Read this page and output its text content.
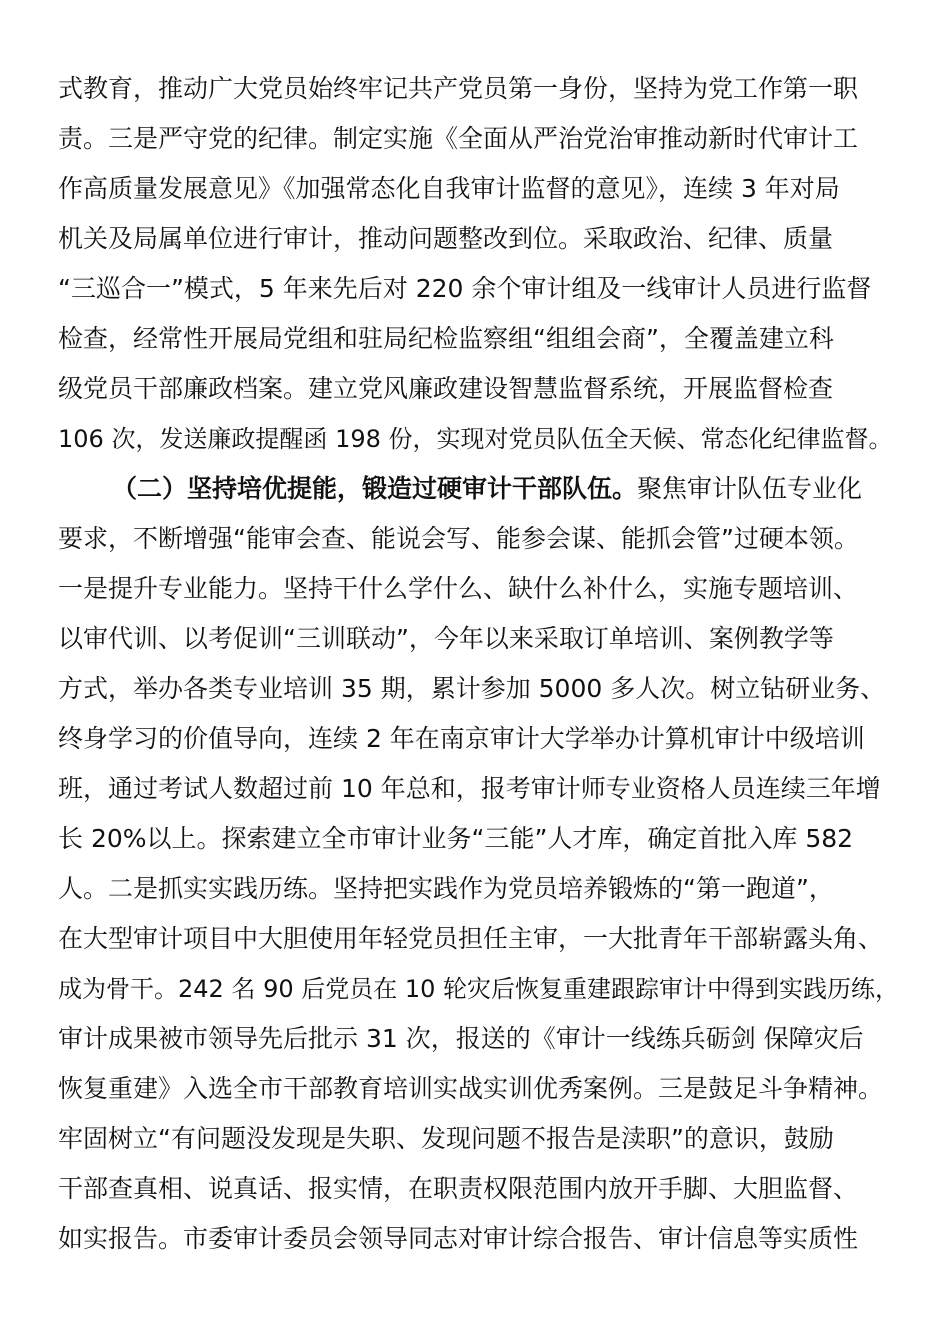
式教育，推动广大党员始终牢记共产党员第一身份，坚持为党工作第一职
责。三是严守党的纪律。制定实施《全面从严治党治审推动新时代审计工
作高质量发展意见》《加强常态化自我审计监督的意见》，连续 3 年对局
机关及局属单位进行审计，推动问题整改到位。采取政治、纪律、质量
“三巡合一”模式，5 年来先后对 220 余个审计组及一线审计人员进行监督
检查，经常性开展局党组和驻局纪检监察组“组组会商”，全覆盖建立科
级党员干部廉政档案。建立党风廉政建设智慧监督系统，开展监督检查
106 次，发送廉政提醒函 198 份，实现对党员队伍全天候、常态化纪律监督。
（二）坚持培优提能，锻造过硬审计干部队伍。聚焦审计队伍专业化
要求，不断增强“能审会查、能说会写、能参会谋、能抓会管”过硬本领。
一是提升专业能力。坚持干什么学什么、缺什么补什么，实施专题培训、
以审代训、以考促训“三训联动”，今年以来采取订单培训、案例教学等
方式，举办各类专业培训 35 期，累计参加 5000 多人次。树立钻研业务、
终身学习的价值导向，连续 2 年在南京审计大学举办计算机审计中级培训
班，通过考试人数超过前 10 年总和，报考审计师专业资格人员连续三年增
长 20%以上。探索建立全市审计业务“三能”人才库，确定首批入库 582
人。二是抓实实践历练。坚持把实践作为党员培养锻炼的“第一跑道”，
在大型审计项目中大胆使用年轻党员担任主审，一大批青年干部崭露头角、
成为骨干。242 名 90 后党员在 10 轮灾后恢复重建跟踪审计中得到实践历练，
审计成果被市领导先后批示 31 次，报送的《审计一线练兵砺剑 保障灾后
恢复重建》入选全市干部教育培训实战实训优秀案例。三是鼓足斗争精神。
牢固树立“有问题没发现是失职、发现问题不报告是渎职”的意识，鼓励
干部查真相、说真话、报实情，在职责权限范围内放开手脚、大胆监督、
如实报告。市委审计委员会领导同志对审计综合报告、审计信息等实质性
